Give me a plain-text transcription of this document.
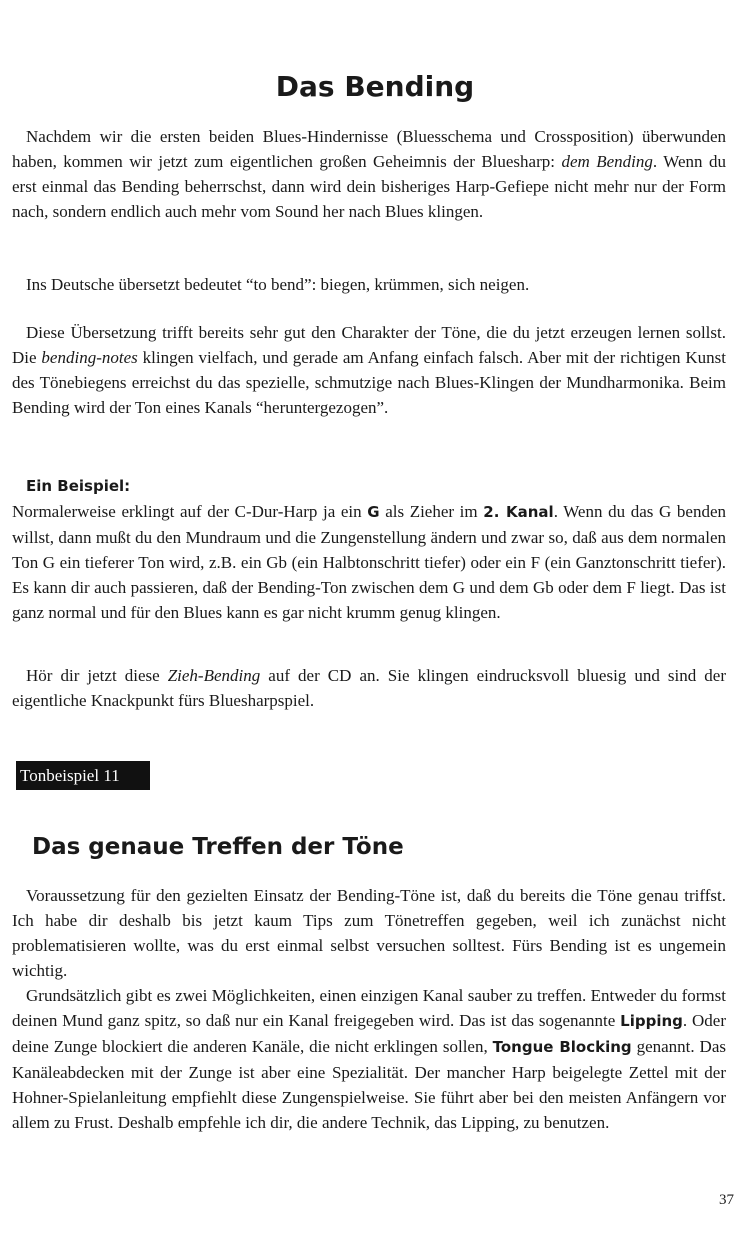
Das Bending

Nachdem wir die ersten beiden Blues-Hindernisse (Bluesschema und Crossposition) überwunden haben, kommen wir jetzt zum eigentlichen großen Geheimnis der Bluesharp: dem Bending. Wenn du erst einmal das Bending beherrschst, dann wird dein bisheriges Harp-Gefiepe nicht mehr nur der Form nach, sondern endlich auch mehr vom Sound her nach Blues klingen.

Ins Deutsche übersetzt bedeutet “to bend”: biegen, krümmen, sich neigen.

Diese Übersetzung trifft bereits sehr gut den Charakter der Töne, die du jetzt erzeugen lernen sollst. Die bending-notes klingen vielfach, und gerade am Anfang einfach falsch. Aber mit der richtigen Kunst des Tönebiegens erreichst du das spezielle, schmutzige nach Blues-Klingen der Mundharmonika. Beim Bending wird der Ton eines Kanals “heruntergezogen”.

Ein Beispiel:
Normalerweise erklingt auf der C-Dur-Harp ja ein G als Zieher im 2. Kanal. Wenn du das G benden willst, dann mußt du den Mundraum und die Zungenstellung ändern und zwar so, daß aus dem normalen Ton G ein tieferer Ton wird, z.B. ein Gb (ein Halbtonschritt tiefer) oder ein F (ein Ganztonschritt tiefer). Es kann dir auch passieren, daß der Bending-Ton zwischen dem G und dem Gb oder dem F liegt. Das ist ganz normal und für den Blues kann es gar nicht krumm genug klingen.

Hör dir jetzt diese Zieh-Bending auf der CD an. Sie klingen eindrucksvoll bluesig und sind der eigentliche Knackpunkt fürs Bluesharpspiel.

Tonbeispiel 11
Das genaue Treffen der Töne

Voraussetzung für den gezielten Einsatz der Bending-Töne ist, daß du bereits die Töne genau triffst. Ich habe dir deshalb bis jetzt kaum Tips zum Tönetreffen gegeben, weil ich zunächst nicht problematisieren wollte, was du erst einmal selbst versuchen solltest. Fürs Bending ist es ungemein wichtig.

Grundsätzlich gibt es zwei Möglichkeiten, einen einzigen Kanal sauber zu treffen. Entweder du formst deinen Mund ganz spitz, so daß nur ein Kanal freigegeben wird. Das ist das sogenannte Lipping. Oder deine Zunge blockiert die anderen Kanäle, die nicht erklingen sollen, Tongue Blocking genannt. Das Kanäleabdecken mit der Zunge ist aber eine Spezialität. Der mancher Harp beigelegte Zettel mit der Hohner-Spielanleitung empfiehlt diese Zungenspielweise. Sie führt aber bei den meisten Anfängern vor allem zu Frust. Deshalb empfehle ich dir, die andere Technik, das Lipping, zu benutzen.

37
